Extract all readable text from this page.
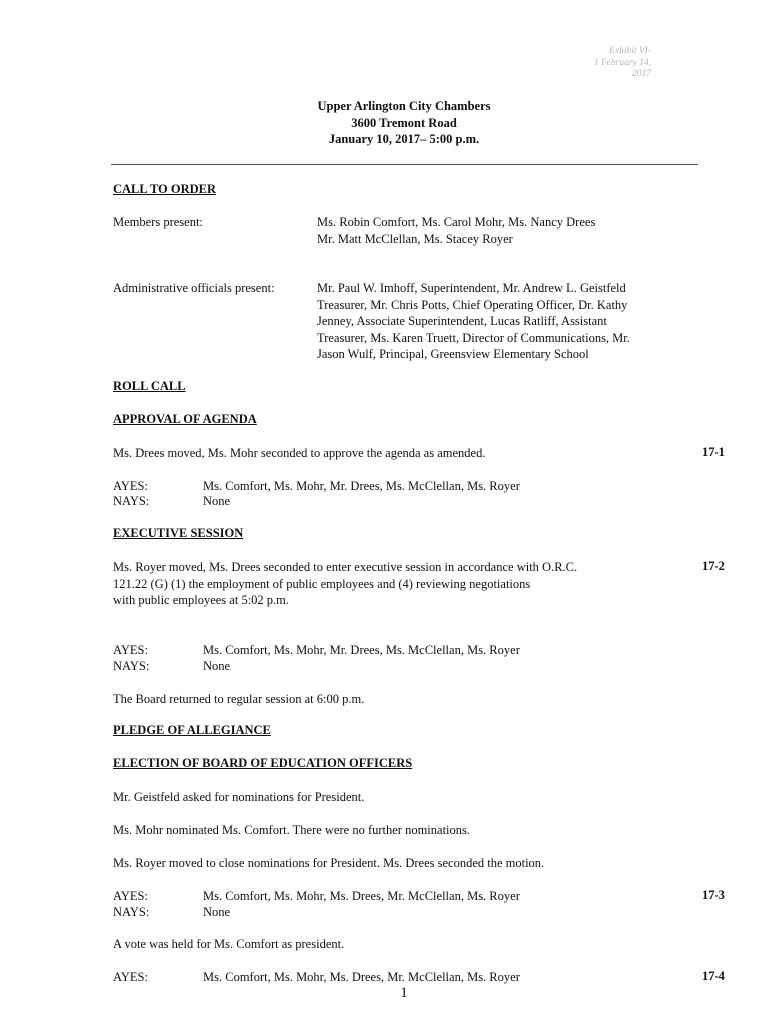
Exhibit VI-
1 February 14,
2017
Upper Arlington City Chambers
3600 Tremont Road
January 10, 2017– 5:00 p.m.
CALL TO ORDER
Members present:	Ms. Robin Comfort, Ms. Carol Mohr, Ms. Nancy Drees
Mr. Matt McClellan, Ms. Stacey Royer
Administrative officials present:	Mr. Paul W. Imhoff, Superintendent, Mr. Andrew L. Geistfeld
Treasurer, Mr. Chris Potts, Chief Operating Officer, Dr. Kathy
Jenney, Associate Superintendent, Lucas Ratliff, Assistant
Treasurer, Ms. Karen Truett, Director of Communications, Mr.
Jason Wulf, Principal, Greensview Elementary School
ROLL CALL
APPROVAL OF AGENDA
Ms. Drees moved, Ms. Mohr seconded to approve the agenda as amended.	17-1
AYES:	Ms. Comfort, Ms. Mohr, Mr. Drees, Ms. McClellan, Ms. Royer
NAYS:	None
EXECUTIVE SESSION
Ms. Royer moved, Ms. Drees seconded to enter executive session in accordance with O.R.C.
121.22 (G) (1) the employment of public employees and (4) reviewing negotiations
with public employees at 5:02 p.m.
17-2
AYES:	Ms. Comfort, Ms. Mohr, Mr. Drees, Ms. McClellan, Ms. Royer
NAYS:	None
The Board returned to regular session at 6:00 p.m.
PLEDGE OF ALLEGIANCE
ELECTION OF BOARD OF EDUCATION OFFICERS
Mr. Geistfeld asked for nominations for President.
Ms. Mohr nominated Ms. Comfort. There were no further nominations.
Ms. Royer moved to close nominations for President. Ms. Drees seconded the motion.
AYES:	Ms. Comfort, Ms. Mohr, Ms. Drees, Mr. McClellan, Ms. Royer	17-3
NAYS:	None
A vote was held for Ms. Comfort as president.
AYES:	Ms. Comfort, Ms. Mohr, Ms. Drees, Mr. McClellan, Ms. Royer	17-4
1
